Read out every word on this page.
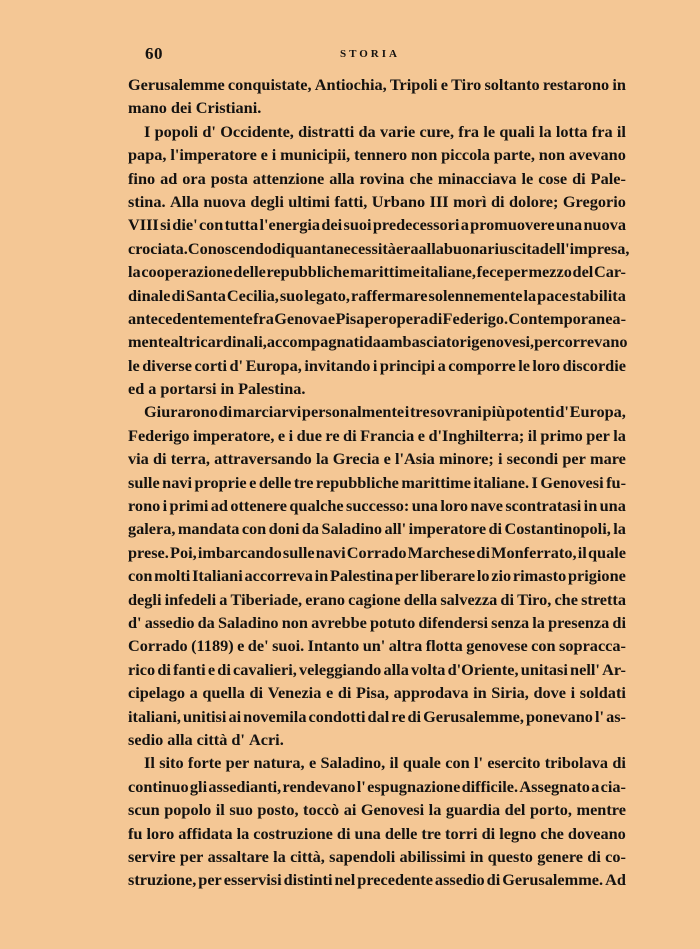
60	STORIA
Gerusalemme conquistate, Antiochia, Tripoli e Tiro soltanto restarono in
mano dei Cristiani.
I popoli d' Occidente, distratti da varie cure, fra le quali la lotta fra il
papa, l'imperatore e i municipii, tennero non piccola parte, non avevano
fino ad ora posta attenzione alla rovina che minacciava le cose di Pale-
stina. Alla nuova degli ultimi fatti, Urbano III morì di dolore; Gregorio
VIII si die' con tutta l'energia dei suoi predecessori a promuovere una nuova
crociata. Conoscendo di quanta necessità era alla buona riuscita dell' impresa,
la cooperazione delle repubbliche marittime italiane, fece per mezzo del Car-
dinale di Santa Cecilia, suo legato, raffermare solennemente la pace stabilita
antecedentemente fra Genova e Pisa per opera di Federigo. Contemporanea-
mente altri cardinali, accompagnati da ambasciatori genovesi, percorrevano
le diverse corti d' Europa, invitando i principi a comporre le loro discordie
ed a portarsi in Palestina.
Giurarono di marciarvi personalmente i tre sovrani più potenti d' Europa,
Federigo imperatore, e i due re di Francia e d'Inghilterra; il primo per la
via di terra, attraversando la Grecia e l'Asia minore; i secondi per mare
sulle navi proprie e delle tre repubbliche marittime italiane. I Genovesi fu-
rono i primi ad ottenere qualche successo: una loro nave scontratasi in una
galera, mandata con doni da Saladino all' imperatore di Costantinopoli, la
prese. Poi, imbarcando sulle navi Corrado Marchese di Monferrato, il quale
con molti Italiani accorreva in Palestina per liberare lo zio rimasto prigione
degli infedeli a Tiberiade, erano cagione della salvezza di Tiro, che stretta
d' assedio da Saladino non avrebbe potuto difendersi senza la presenza di
Corrado (1189) e de' suoi. Intanto un' altra flotta genovese con sopracca-
rico di fanti e di cavalieri, veleggiando alla volta d'Oriente, unitasi nell' Ar-
cipelago a quella di Venezia e di Pisa, approdava in Siria, dove i soldati
italiani, unitisi ai novemila condotti dal re di Gerusalemme, ponevano l' as-
sedio alla città d' Acri.
Il sito forte per natura, e Saladino, il quale con l' esercito tribolava di
continuo gli assedianti, rendevano l' espugnazione difficile. Assegnato a cia-
scun popolo il suo posto, toccò ai Genovesi la guardia del porto, mentre
fu loro affidata la costruzione di una delle tre torri di legno che doveano
servire per assaltare la città, sapendoli abilissimi in questo genere di co-
struzione, per esservisi distinti nel precedente assedio di Gerusalemme. Ad
